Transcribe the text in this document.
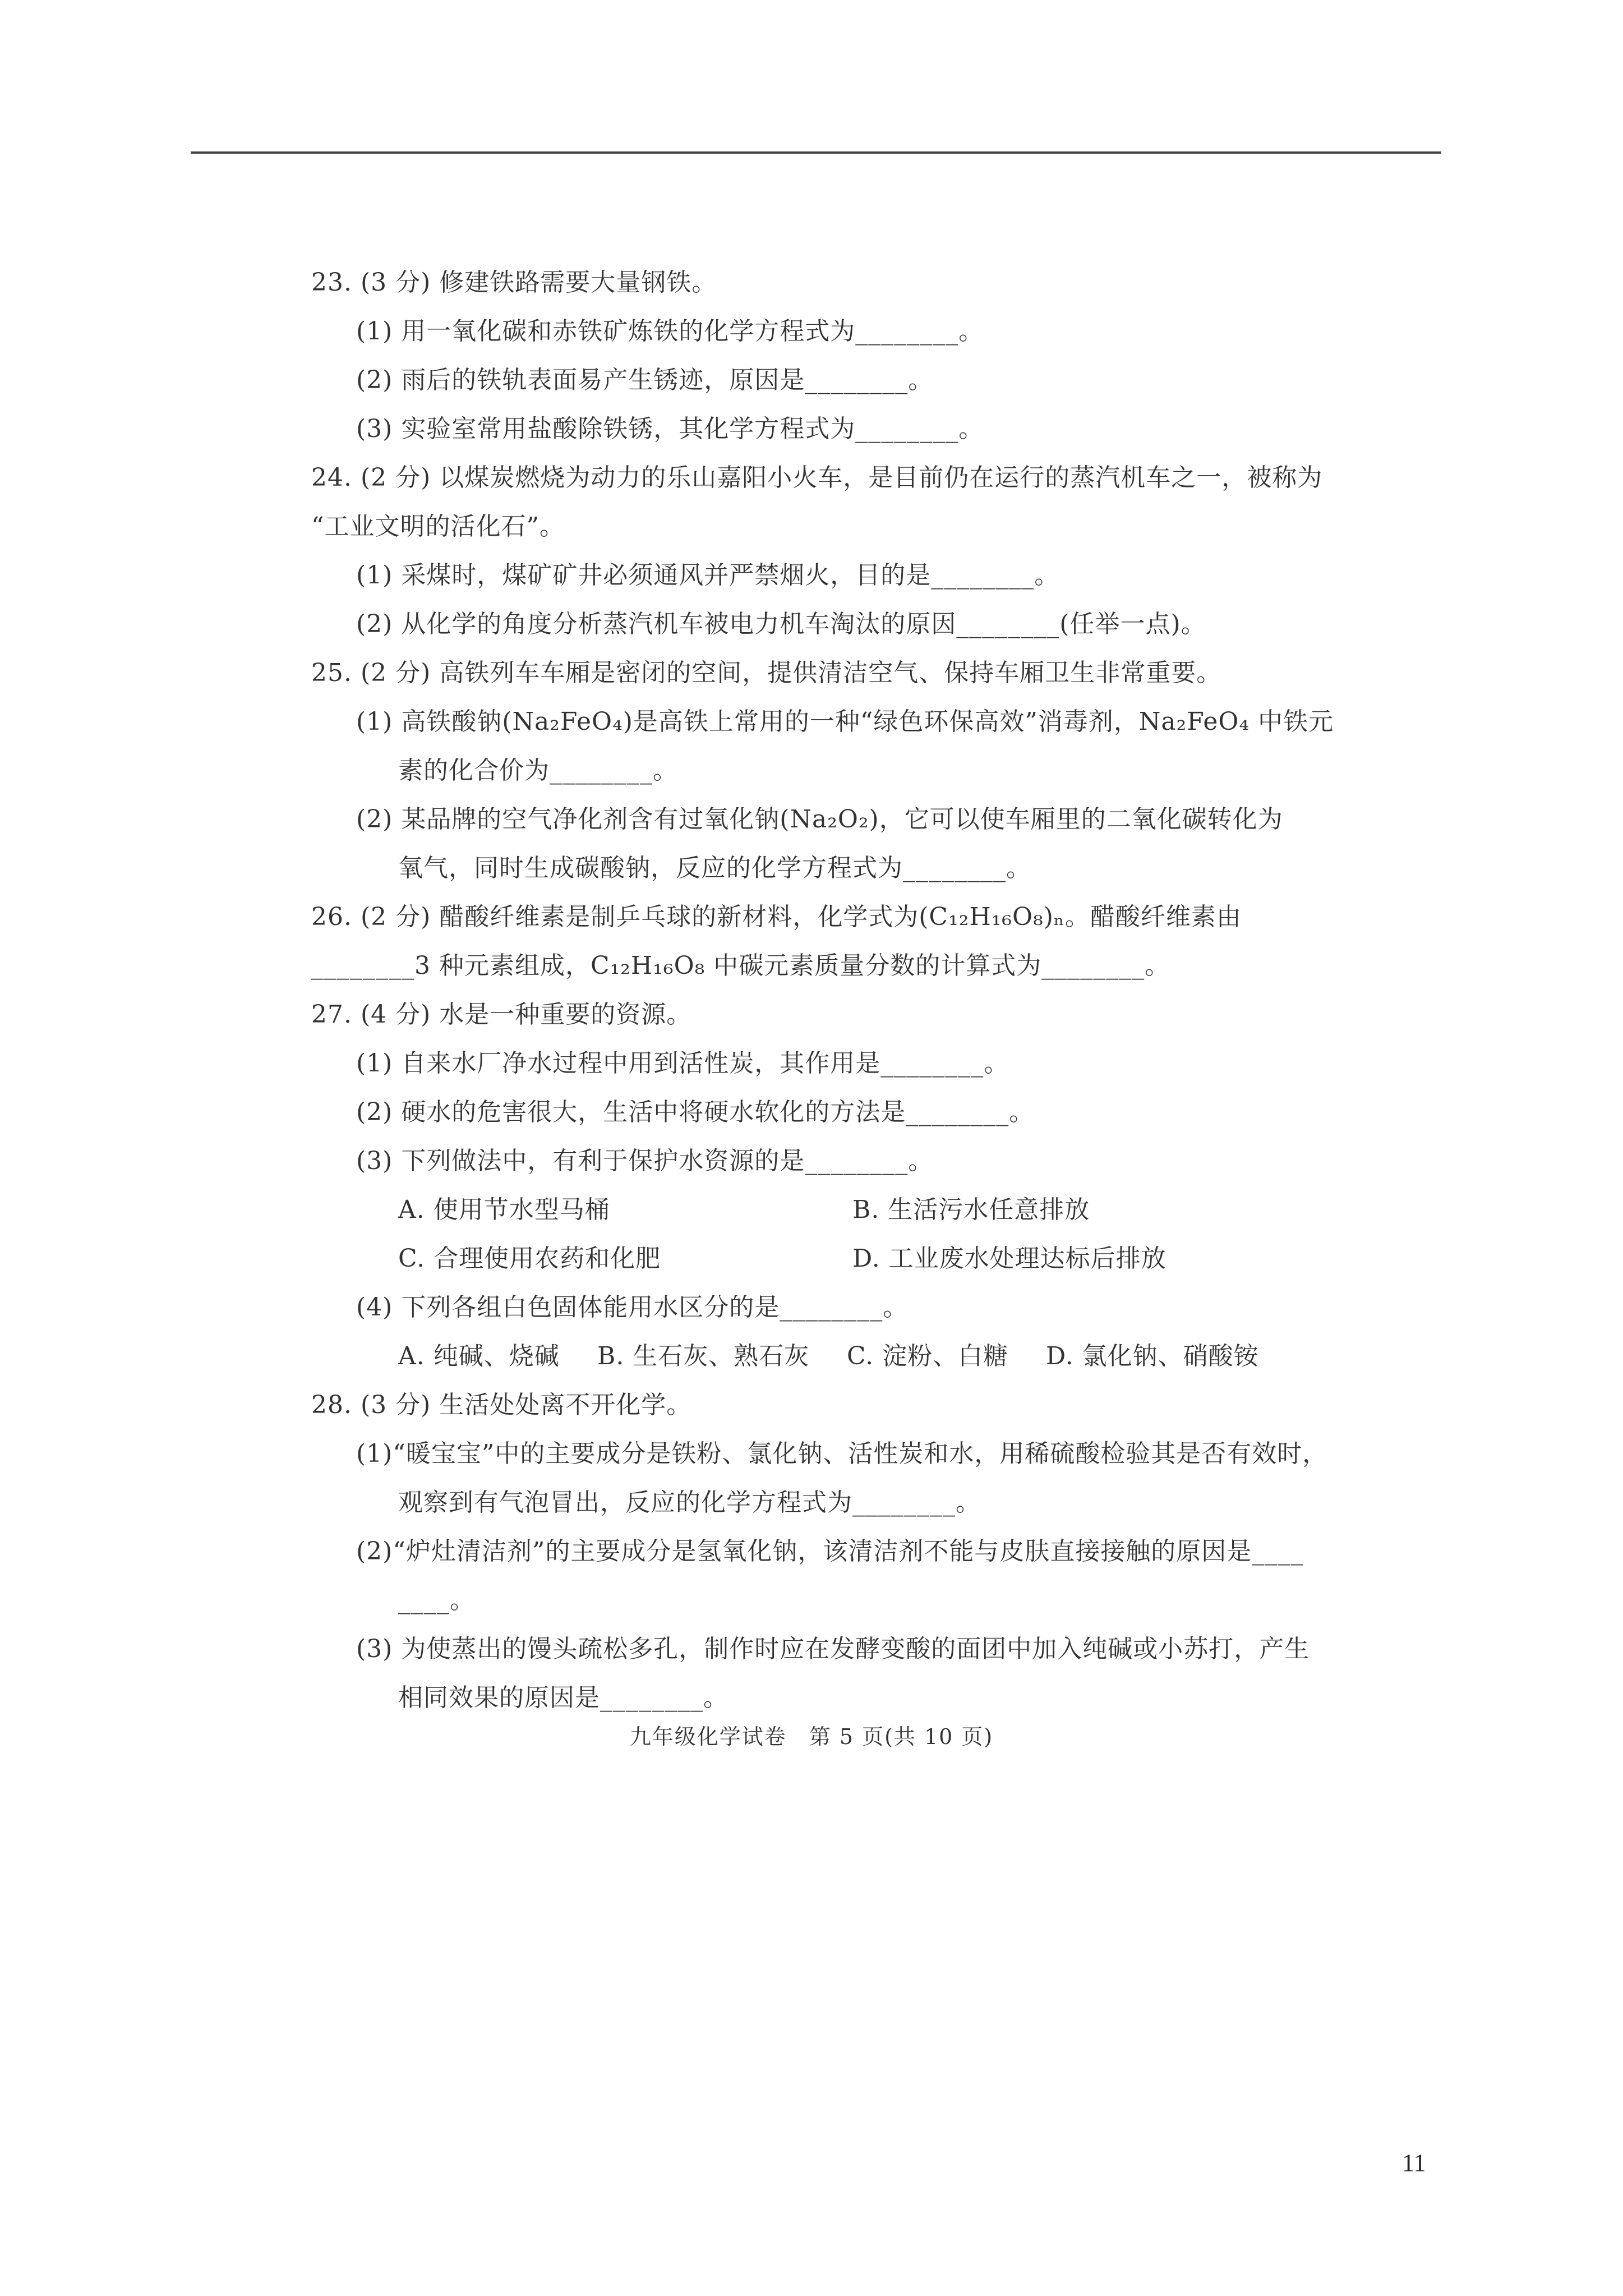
23. (3 分) 修建铁路需要大量钢铁。

(1) 用一氧化碳和赤铁矿炼铁的化学方程式为________。

(2) 雨后的铁轨表面易产生锈迹，原因是________。

(3) 实验室常用盐酸除铁锈，其化学方程式为________。

24. (2 分) 以煤炭燃烧为动力的乐山嘉阳小火车，是目前仍在运行的蒸汽机车之一，被称为

“工业文明的活化石”。

(1) 采煤时，煤矿矿井必须通风并严禁烟火，目的是________。

(2) 从化学的角度分析蒸汽机车被电力机车淘汰的原因________(任举一点)。

25. (2 分) 高铁列车车厢是密闭的空间，提供清洁空气、保持车厢卫生非常重要。

(1) 高铁酸钠(Na₂FeO₄)是高铁上常用的一种“绿色环保高效”消毒剂，Na₂FeO₄ 中铁元

素的化合价为________。

(2) 某品牌的空气净化剂含有过氧化钠(Na₂O₂)，它可以使车厢里的二氧化碳转化为

氧气，同时生成碳酸钠，反应的化学方程式为________。

26. (2 分) 醋酸纤维素是制乒乓球的新材料，化学式为(C₁₂H₁₆O₈)ₙ。醋酸纤维素由

________3 种元素组成，C₁₂H₁₆O₈ 中碳元素质量分数的计算式为________。

27. (4 分) 水是一种重要的资源。

(1) 自来水厂净水过程中用到活性炭，其作用是________。

(2) 硬水的危害很大，生活中将硬水软化的方法是________。

(3) 下列做法中，有利于保护水资源的是________。

A. 使用节水型马桶	B. 生活污水任意排放

C. 合理使用农药和化肥	D. 工业废水处理达标后排放

(4) 下列各组白色固体能用水区分的是________。

A. 纯碱、烧碱	B. 生石灰、熟石灰	C. 淀粉、白糖	D. 氯化钠、硝酸铵

28. (3 分) 生活处处离不开化学。

(1)“暖宝宝”中的主要成分是铁粉、氯化钠、活性炭和水，用稀硫酸检验其是否有效时，

观察到有气泡冒出，反应的化学方程式为________。

(2)“炉灶清洁剂”的主要成分是氢氧化钠，该清洁剂不能与皮肤直接接触的原因是____

____。

(3) 为使蒸出的馒头疏松多孔，制作时应在发酵变酸的面团中加入纯碱或小苏打，产生

相同效果的原因是________。

九年级化学试卷　第 5 页(共 10 页)
11
